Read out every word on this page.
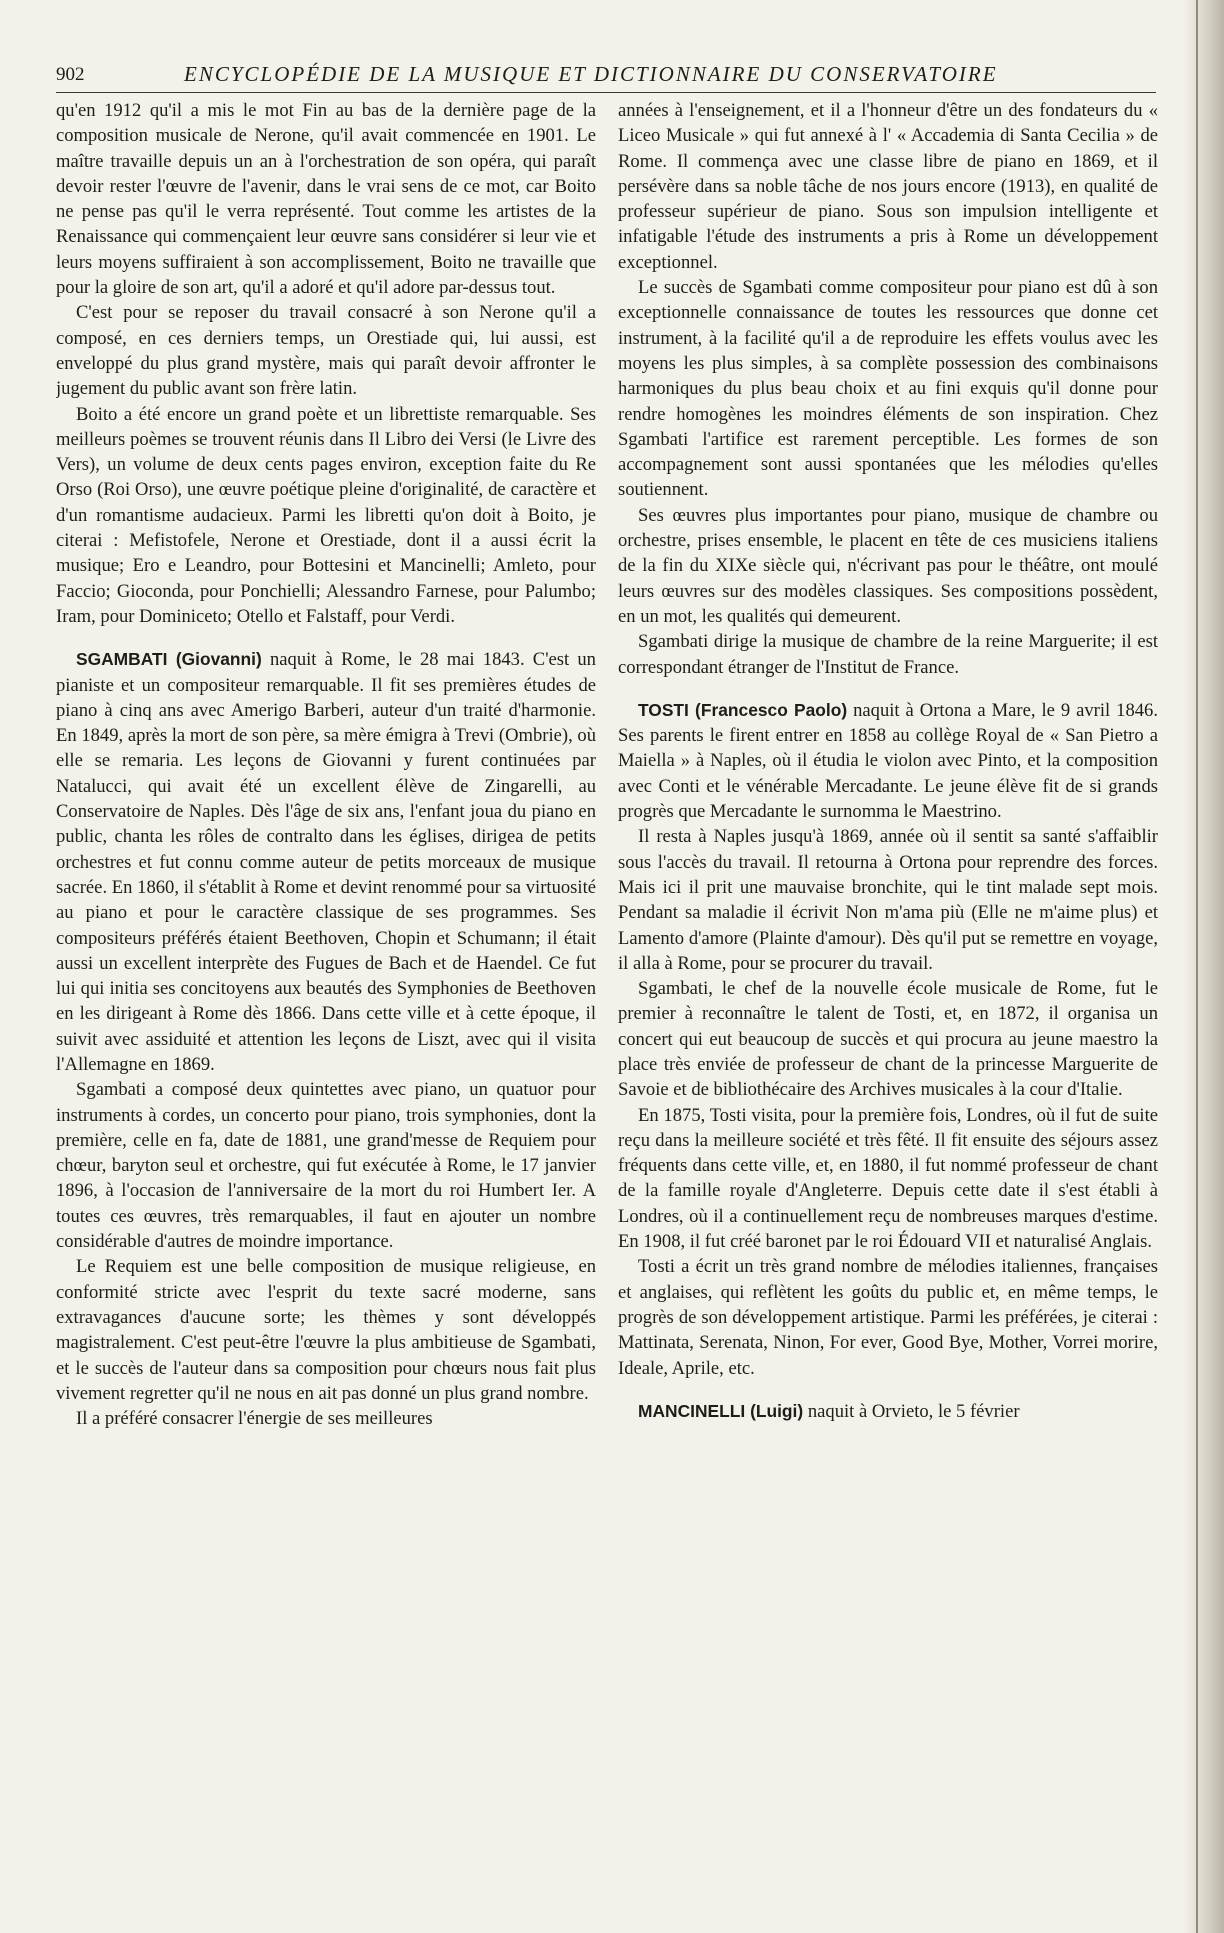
902	ENCYCLOPÉDIE DE LA MUSIQUE ET DICTIONNAIRE DU CONSERVATOIRE

qu'en 1912 qu'il a mis le mot Fin au bas de la dernière page de la composition musicale de Nerone, qu'il avait commencée en 1901. Le maître travaille depuis un an à l'orchestration de son opéra, qui paraît devoir rester l'œuvre de l'avenir, dans le vrai sens de ce mot, car Boito ne pense pas qu'il le verra représenté. Tout comme les artistes de la Renaissance qui commençaient leur œuvre sans considérer si leur vie et leurs moyens suffiraient à son accomplissement, Boito ne travaille que pour la gloire de son art, qu'il a adoré et qu'il adore par-dessus tout.

C'est pour se reposer du travail consacré à son Nerone qu'il a composé, en ces derniers temps, un Orestiade qui, lui aussi, est enveloppé du plus grand mystère, mais qui paraît devoir affronter le jugement du public avant son frère latin.

Boito a été encore un grand poète et un librettiste remarquable. Ses meilleurs poèmes se trouvent réunis dans Il Libro dei Versi (le Livre des Vers), un volume de deux cents pages environ, exception faite du Re Orso (Roi Orso), une œuvre poétique pleine d'originalité, de caractère et d'un romantisme audacieux. Parmi les libretti qu'on doit à Boito, je citerai : Mefistofele, Nerone et Orestiade, dont il a aussi écrit la musique; Ero e Leandro, pour Bottesini et Mancinelli; Amleto, pour Faccio; Gioconda, pour Ponchielli; Alessandro Farnese, pour Palumbo; Iram, pour Dominiceto; Otello et Falstaff, pour Verdi.

SGAMBATI (Giovanni) naquit à Rome, le 28 mai 1843. C'est un pianiste et un compositeur remarquable. Il fit ses premières études de piano à cinq ans avec Amerigo Barberi, auteur d'un traité d'harmonie. En 1849, après la mort de son père, sa mère émigra à Trevi (Ombrie), où elle se remaria. Les leçons de Giovanni y furent continuées par Natalucci, qui avait été un excellent élève de Zingarelli, au Conservatoire de Naples. Dès l'âge de six ans, l'enfant joua du piano en public, chanta les rôles de contralto dans les églises, dirigea de petits orchestres et fut connu comme auteur de petits morceaux de musique sacrée. En 1860, il s'établit à Rome et devint renommé pour sa virtuosité au piano et pour le caractère classique de ses programmes. Ses compositeurs préférés étaient Beethoven, Chopin et Schumann; il était aussi un excellent interprète des Fugues de Bach et de Haendel. Ce fut lui qui initia ses concitoyens aux beautés des Symphonies de Beethoven en les dirigeant à Rome dès 1866. Dans cette ville et à cette époque, il suivit avec assiduité et attention les leçons de Liszt, avec qui il visita l'Allemagne en 1869.

Sgambati a composé deux quintettes avec piano, un quatuor pour instruments à cordes, un concerto pour piano, trois symphonies, dont la première, celle en fa, date de 1881, une grand'messe de Requiem pour chœur, baryton seul et orchestre, qui fut exécutée à Rome, le 17 janvier 1896, à l'occasion de l'anniversaire de la mort du roi Humbert Ier. A toutes ces œuvres, très remarquables, il faut en ajouter un nombre considérable d'autres de moindre importance.

Le Requiem est une belle composition de musique religieuse, en conformité stricte avec l'esprit du texte sacré moderne, sans extravagances d'aucune sorte; les thèmes y sont développés magistralement. C'est peut-être l'œuvre la plus ambitieuse de Sgambati, et le succès de l'auteur dans sa composition pour chœurs nous fait plus vivement regretter qu'il ne nous en ait pas donné un plus grand nombre.

Il a préféré consacrer l'énergie de ses meilleures

années à l'enseignement, et il a l'honneur d'être un des fondateurs du « Liceo Musicale » qui fut annexé à l' « Accademia di Santa Cecilia » de Rome. Il commença avec une classe libre de piano en 1869, et il persévère dans sa noble tâche de nos jours encore (1913), en qualité de professeur supérieur de piano. Sous son impulsion intelligente et infatigable l'étude des instruments a pris à Rome un développement exceptionnel.

Le succès de Sgambati comme compositeur pour piano est dû à son exceptionnelle connaissance de toutes les ressources que donne cet instrument, à la facilité qu'il a de reproduire les effets voulus avec les moyens les plus simples, à sa complète possession des combinaisons harmoniques du plus beau choix et au fini exquis qu'il donne pour rendre homogènes les moindres éléments de son inspiration. Chez Sgambati l'artifice est rarement perceptible. Les formes de son accompagnement sont aussi spontanées que les mélodies qu'elles soutiennent.

Ses œuvres plus importantes pour piano, musique de chambre ou orchestre, prises ensemble, le placent en tête de ces musiciens italiens de la fin du XIXe siècle qui, n'écrivant pas pour le théâtre, ont moulé leurs œuvres sur des modèles classiques. Ses compositions possèdent, en un mot, les qualités qui demeurent.

Sgambati dirige la musique de chambre de la reine Marguerite; il est correspondant étranger de l'Institut de France.

TOSTI (Francesco Paolo) naquit à Ortona a Mare, le 9 avril 1846. Ses parents le firent entrer en 1858 au collège Royal de « San Pietro a Maiella » à Naples, où il étudia le violon avec Pinto, et la composition avec Conti et le vénérable Mercadante. Le jeune élève fit de si grands progrès que Mercadante le surnomma le Maestrino.

Il resta à Naples jusqu'à 1869, année où il sentit sa santé s'affaiblir sous l'accès du travail. Il retourna à Ortona pour reprendre des forces. Mais ici il prit une mauvaise bronchite, qui le tint malade sept mois. Pendant sa maladie il écrivit Non m'ama più (Elle ne m'aime plus) et Lamento d'amore (Plainte d'amour). Dès qu'il put se remettre en voyage, il alla à Rome, pour se procurer du travail.

Sgambati, le chef de la nouvelle école musicale de Rome, fut le premier à reconnaître le talent de Tosti, et, en 1872, il organisa un concert qui eut beaucoup de succès et qui procura au jeune maestro la place très enviée de professeur de chant de la princesse Marguerite de Savoie et de bibliothécaire des Archives musicales à la cour d'Italie.

En 1875, Tosti visita, pour la première fois, Londres, où il fut de suite reçu dans la meilleure société et très fêté. Il fit ensuite des séjours assez fréquents dans cette ville, et, en 1880, il fut nommé professeur de chant de la famille royale d'Angleterre. Depuis cette date il s'est établi à Londres, où il a continuellement reçu de nombreuses marques d'estime. En 1908, il fut créé baronet par le roi Édouard VII et naturalisé Anglais.

Tosti a écrit un très grand nombre de mélodies italiennes, françaises et anglaises, qui reflètent les goûts du public et, en même temps, le progrès de son développement artistique. Parmi les préférées, je citerai : Mattinata, Serenata, Ninon, For ever, Good Bye, Mother, Vorrei morire, Ideale, Aprile, etc.

MANCINELLI (Luigi) naquit à Orvieto, le 5 février
